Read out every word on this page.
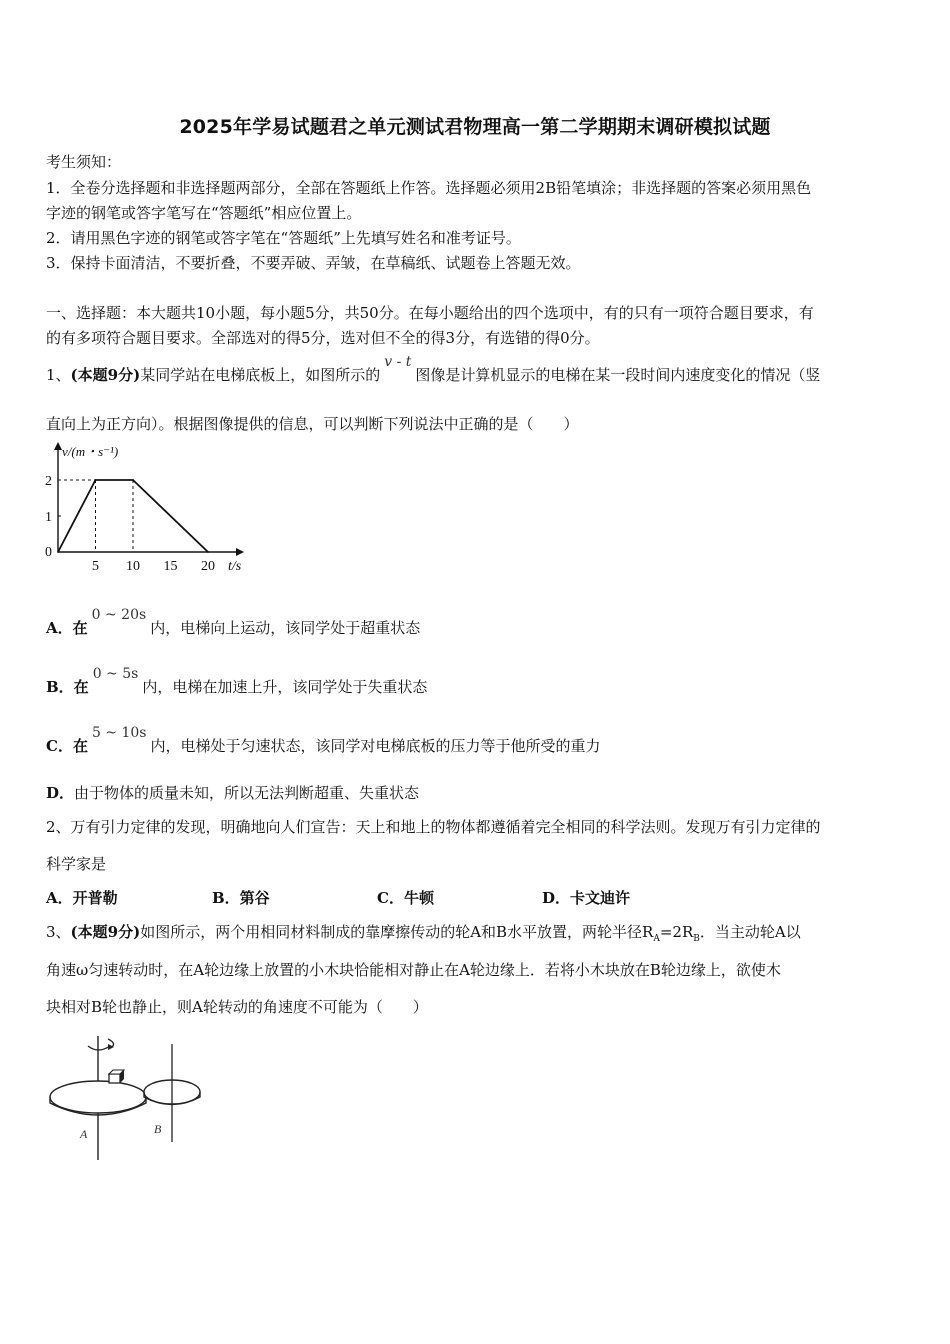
2025年学易试题君之单元测试君物理高一第二学期期末调研模拟试题
考生须知：
1．全卷分选择题和非选择题两部分，全部在答题纸上作答。选择题必须用2B铅笔填涂；非选择题的答案必须用黑色
字迹的钢笔或答字笔写在“答题纸”相应位置上。
2．请用黑色字迹的钢笔或答字笔在“答题纸”上先填写姓名和准考证号。
3．保持卡面清洁，不要折叠，不要弄破、弄皱，在草稿纸、试题卷上答题无效。
一、选择题：本大题共10小题，每小题5分，共50分。在每小题给出的四个选项中，有的只有一项符合题目要求，有
的有多项符合题目要求。全部选对的得5分，选对但不全的得3分，有选错的得0分。
1、(本题9分)某同学站在电梯底板上，如图所示的v - t图像是计算机显示的电梯在某一段时间内速度变化的情况（竖
直向上为正方向）。根据图像提供的信息，可以判断下列说法中正确的是（　　）
5 10 15 20
1
2
0
v/(m・s⁻¹)
t/s
A．在0 ~ 20s内，电梯向上运动，该同学处于超重状态
B．在0 ~ 5s内，电梯在加速上升，该同学处于失重状态
C．在5 ~ 10s内，电梯处于匀速状态，该同学对电梯底板的压力等于他所受的重力
D．由于物体的质量未知，所以无法判断超重、失重状态
2、万有引力定律的发现，明确地向人们宣告：天上和地上的物体都遵循着完全相同的科学法则。发现万有引力定律的
科学家是
A．开普勒	B．第谷	C．牛顿	D．卡文迪许
3、(本题9分)如图所示，两个用相同材料制成的靠摩擦传动的轮A和B水平放置，两轮半径$R_A=2R_B$．当主动轮A以
角速ω匀速转动时，在A轮边缘上放置的小木块恰能相对静止在A轮边缘上．若将小木块放在B轮边缘上，欲使木
块相对B轮也静止，则A轮转动的角速度不可能为（　　）
A	B
